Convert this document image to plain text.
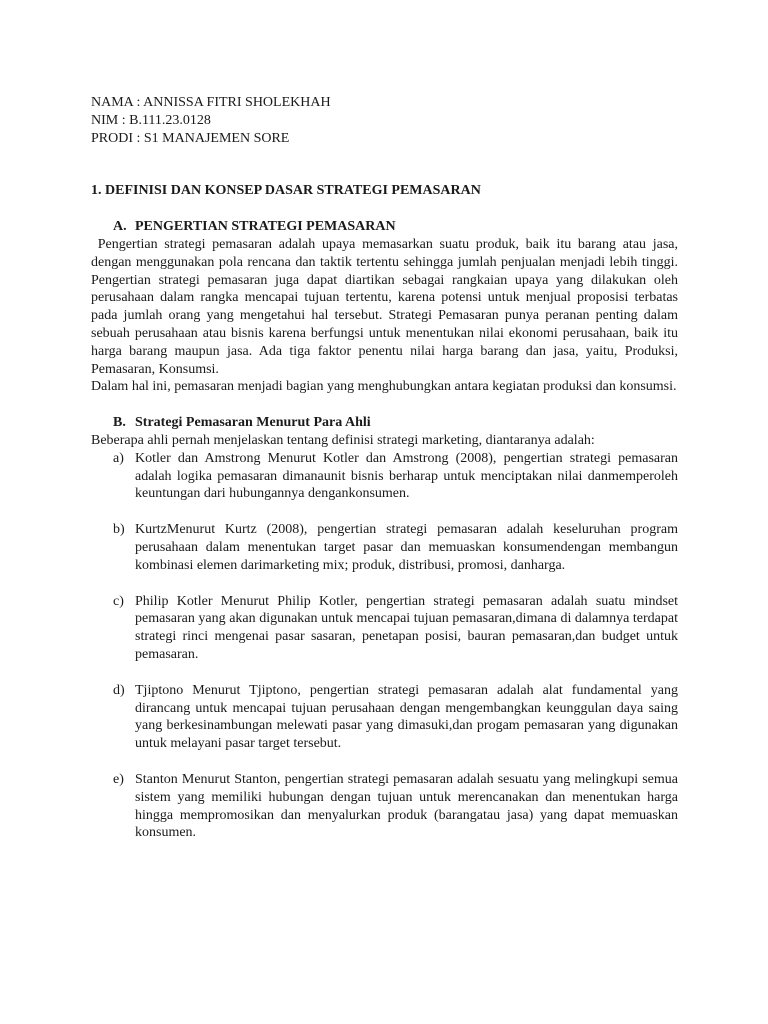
NAMA : ANNISSA FITRI SHOLEKHAH

NIM : B.111.23.0128

PRODI : S1 MANAJEMEN SORE

1. DEFINISI DAN KONSEP DASAR STRATEGI PEMASARAN

A. PENGERTIAN STRATEGI PEMASARAN

Pengertian strategi pemasaran adalah upaya memasarkan suatu produk, baik itu barang atau jasa, dengan menggunakan pola rencana dan taktik tertentu sehingga jumlah penjualan menjadi lebih tinggi. Pengertian strategi pemasaran juga dapat diartikan sebagai rangkaian upaya yang dilakukan oleh perusahaan dalam rangka mencapai tujuan tertentu, karena potensi untuk menjual proposisi terbatas pada jumlah orang yang mengetahui hal tersebut. Strategi Pemasaran punya peranan penting dalam sebuah perusahaan atau bisnis karena berfungsi untuk menentukan nilai ekonomi perusahaan, baik itu harga barang maupun jasa. Ada tiga faktor penentu nilai harga barang dan jasa, yaitu, Produksi, Pemasaran, Konsumsi.

Dalam hal ini, pemasaran menjadi bagian yang menghubungkan antara kegiatan produksi dan konsumsi.

B. Strategi Pemasaran Menurut Para Ahli

Beberapa ahli pernah menjelaskan tentang definisi strategi marketing, diantaranya adalah:

a) Kotler dan Amstrong Menurut Kotler dan Amstrong (2008), pengertian strategi pemasaran adalah logika pemasaran dimanaunit bisnis berharap untuk menciptakan nilai danmemperoleh keuntungan dari hubungannya dengankonsumen.
b) KurtzMenurut Kurtz (2008), pengertian strategi pemasaran adalah keseluruhan program perusahaan dalam menentukan target pasar dan memuaskan konsumendengan membangun kombinasi elemen darimarketing mix; produk, distribusi, promosi, danharga.
c) Philip Kotler Menurut Philip Kotler, pengertian strategi pemasaran adalah suatu mindset pemasaran yang akan digunakan untuk mencapai tujuan pemasaran,dimana di dalamnya terdapat strategi rinci mengenai pasar sasaran, penetapan posisi, bauran pemasaran,dan budget untuk pemasaran.
d) Tjiptono Menurut Tjiptono, pengertian strategi pemasaran adalah alat fundamental yang dirancang untuk mencapai tujuan perusahaan dengan mengembangkan keunggulan daya saing yang berkesinambungan melewati pasar yang dimasuki,dan progam pemasaran yang digunakan untuk melayani pasar target tersebut.
e) Stanton Menurut Stanton, pengertian strategi pemasaran adalah sesuatu yang melingkupi semua sistem yang memiliki hubungan dengan tujuan untuk merencanakan dan menentukan harga hingga mempromosikan dan menyalurkan produk (barangatau jasa) yang dapat memuaskan konsumen.
